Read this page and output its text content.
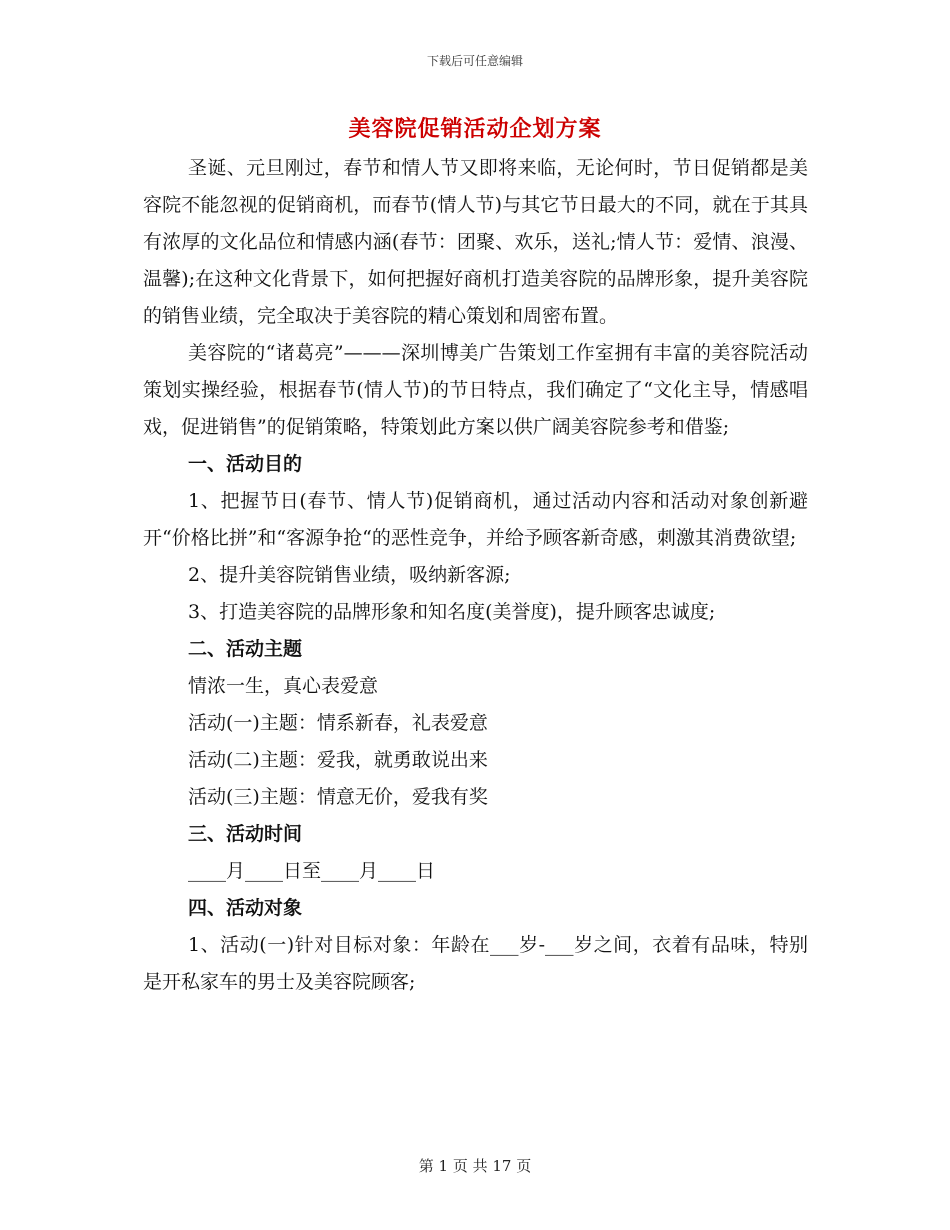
下载后可任意编辑
美容院促销活动企划方案

圣诞、元旦刚过，春节和情人节又即将来临，无论何时，节日促销都是美容院不能忽视的促销商机，而春节(情人节)与其它节日最大的不同，就在于其具有浓厚的文化品位和情感内涵(春节：团聚、欢乐，送礼;情人节：爱情、浪漫、温馨);在这种文化背景下，如何把握好商机打造美容院的品牌形象，提升美容院的销售业绩，完全取决于美容院的精心策划和周密布置。

美容院的“诸葛亮”———深圳博美广告策划工作室拥有丰富的美容院活动策划实操经验，根据春节(情人节)的节日特点，我们确定了“文化主导，情感唱戏，促进销售”的促销策略，特策划此方案以供广阔美容院参考和借鉴;

一、活动目的

1、把握节日(春节、情人节)促销商机，通过活动内容和活动对象创新避开“价格比拼”和“客源争抢“的恶性竞争，并给予顾客新奇感，刺激其消费欲望;

2、提升美容院销售业绩，吸纳新客源;

3、打造美容院的品牌形象和知名度(美誉度)，提升顾客忠诚度;

二、活动主题

情浓一生，真心表爱意

活动(一)主题：情系新春，礼表爱意

活动(二)主题：爱我，就勇敢说出来

活动(三)主题：情意无价，爱我有奖

三、活动时间

____月____日至____月____日

四、活动对象

1、活动(一)针对目标对象：年龄在___岁-___岁之间，衣着有品味，特别是开私家车的男士及美容院顾客;

第 1 页 共 17 页
